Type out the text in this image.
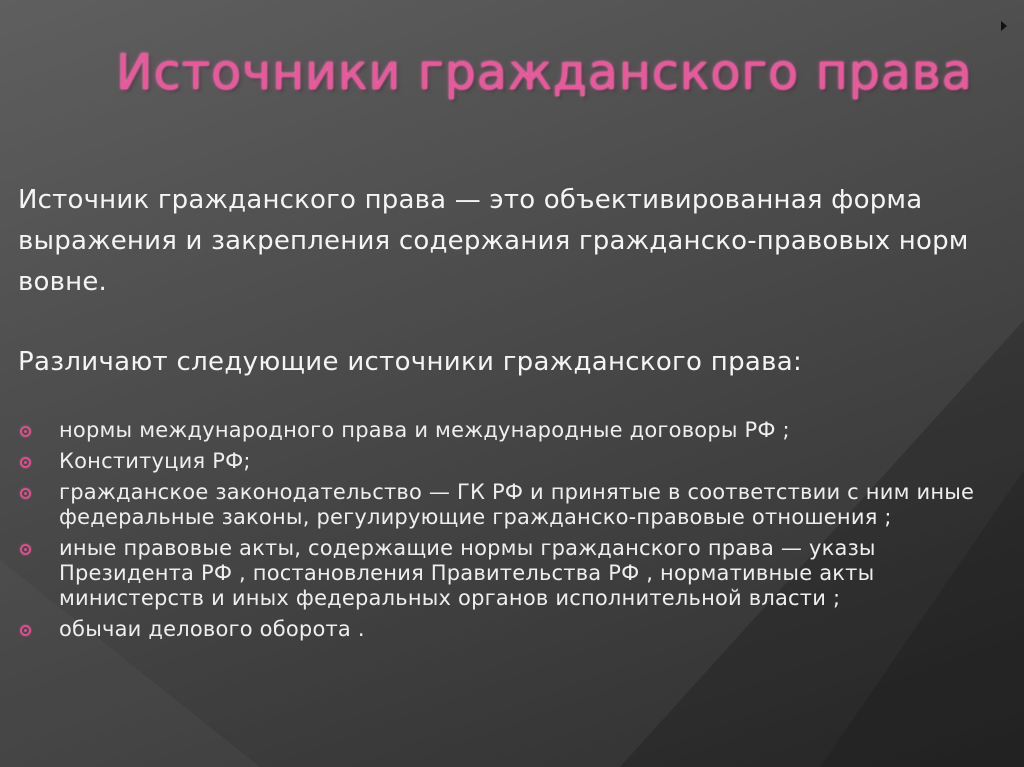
Источники гражданского права

Источник гражданского права — это объективированная форма выражения и закрепления содержания гражданско-правовых норм вовне.

Различают следующие источники гражданского права:

нормы международного права и международные договоры РФ ;
Конституция РФ;
гражданское законодательство — ГК РФ и принятые в соответствии с ним иные федеральные законы, регулирующие гражданско-правовые отношения ;
иные правовые акты, содержащие нормы гражданского права — указы Президента РФ , постановления Правительства РФ , нормативные акты министерств и иных федеральных органов исполнительной власти ;
обычаи делового оборота .
